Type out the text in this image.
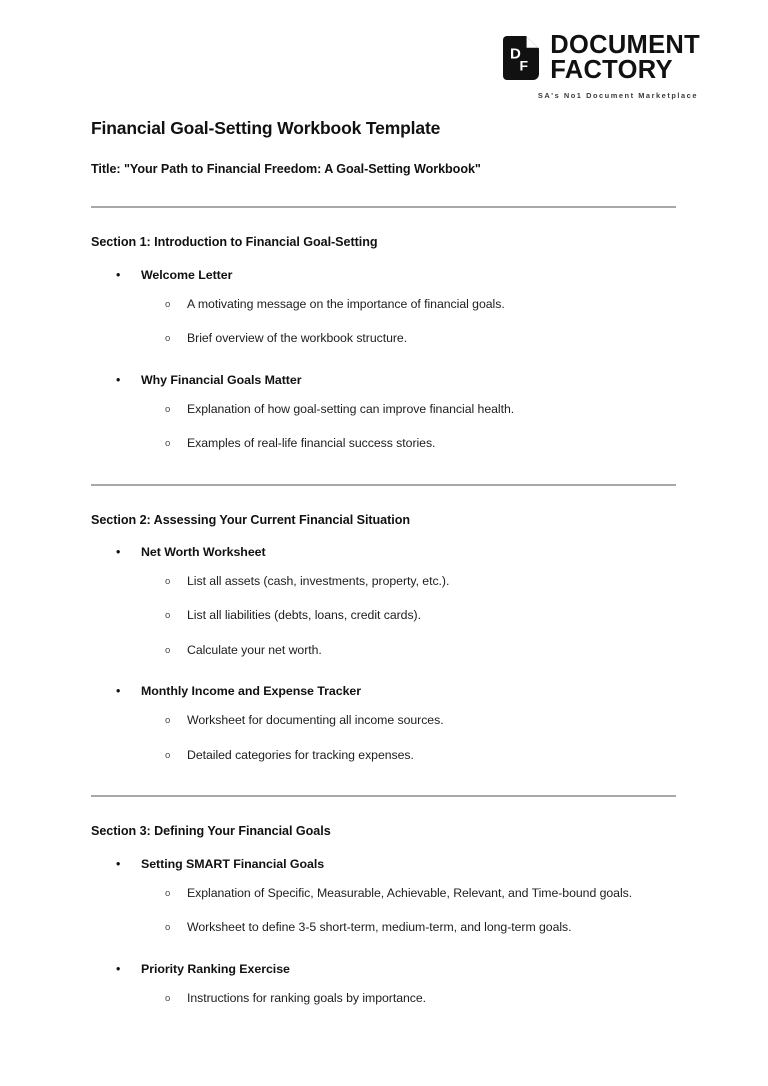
D
F
DOCUMENT
FACTORY
SA's No1 Document Marketplace
Financial Goal-Setting Workbook Template

Title: "Your Path to Financial Freedom: A Goal-Setting Workbook"

Section 1: Introduction to Financial Goal-Setting
• Welcome Letter
o A motivating message on the importance of financial goals.
o Brief overview of the workbook structure.
• Why Financial Goals Matter
o Explanation of how goal-setting can improve financial health.
o Examples of real-life financial success stories.
Section 2: Assessing Your Current Financial Situation
• Net Worth Worksheet
o List all assets (cash, investments, property, etc.).
o List all liabilities (debts, loans, credit cards).
o Calculate your net worth.
• Monthly Income and Expense Tracker
o Worksheet for documenting all income sources.
o Detailed categories for tracking expenses.
Section 3: Defining Your Financial Goals
• Setting SMART Financial Goals
o Explanation of Specific, Measurable, Achievable, Relevant, and Time-bound goals.
o Worksheet to define 3-5 short-term, medium-term, and long-term goals.
• Priority Ranking Exercise
o Instructions for ranking goals by importance.
